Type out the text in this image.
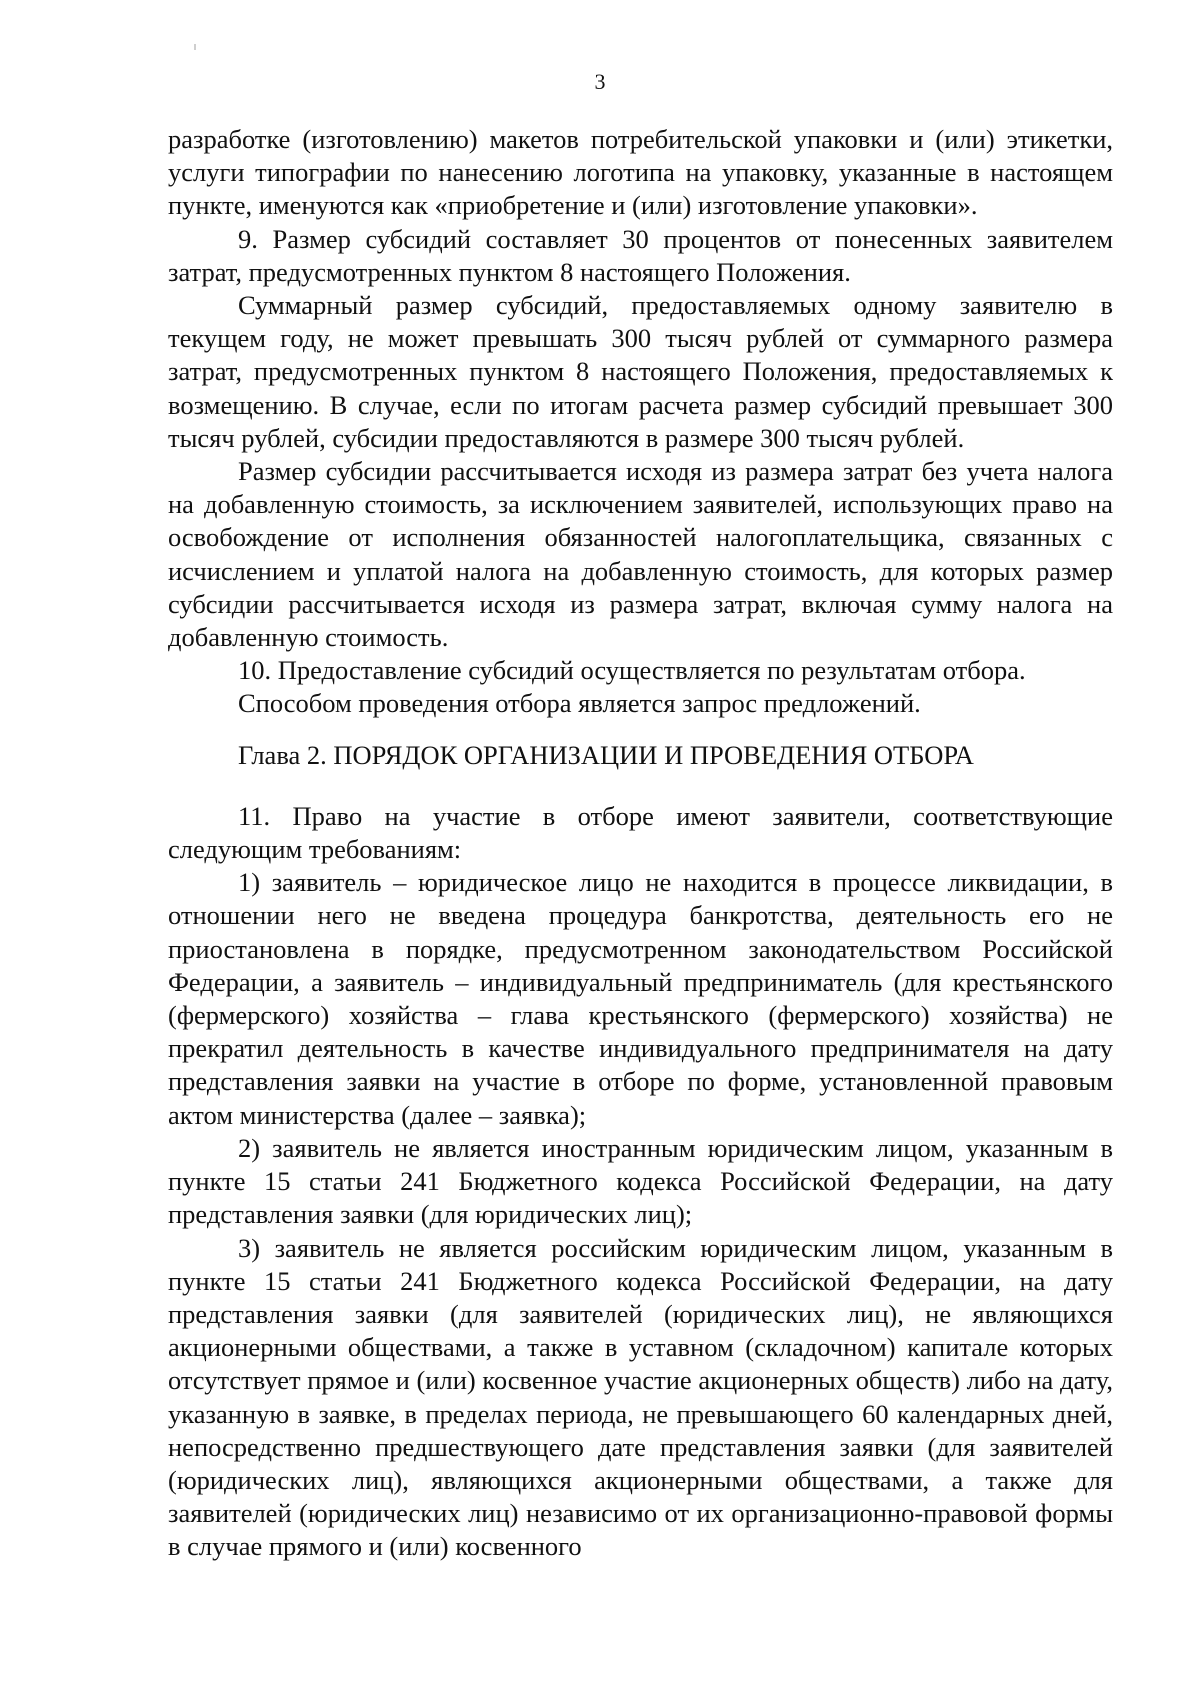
3

разработке (изготовлению) макетов потребительской упаковки и (или) этикетки, услуги типографии по нанесению логотипа на упаковку, указанные в настоящем пункте, именуются как «приобретение и (или) изготовление упаковки».

9. Размер субсидий составляет 30 процентов от понесенных заявителем затрат, предусмотренных пунктом 8 настоящего Положения.

Суммарный размер субсидий, предоставляемых одному заявителю в текущем году, не может превышать 300 тысяч рублей от суммарного размера затрат, предусмотренных пунктом 8 настоящего Положения, предоставляемых к возмещению. В случае, если по итогам расчета размер субсидий превышает 300 тысяч рублей, субсидии предоставляются в размере 300 тысяч рублей.

Размер субсидии рассчитывается исходя из размера затрат без учета налога на добавленную стоимость, за исключением заявителей, использующих право на освобождение от исполнения обязанностей налогоплательщика, связанных с исчислением и уплатой налога на добавленную стоимость, для которых размер субсидии рассчитывается исходя из размера затрат, включая сумму налога на добавленную стоимость.

10. Предоставление субсидий осуществляется по результатам отбора.

Способом проведения отбора является запрос предложений.

Глава 2. ПОРЯДОК ОРГАНИЗАЦИИ И ПРОВЕДЕНИЯ ОТБОРА

11. Право на участие в отборе имеют заявители, соответствующие следующим требованиям:

1) заявитель – юридическое лицо не находится в процессе ликвидации, в отношении него не введена процедура банкротства, деятельность его не приостановлена в порядке, предусмотренном законодательством Российской Федерации, а заявитель – индивидуальный предприниматель (для крестьянского (фермерского) хозяйства – глава крестьянского (фермерского) хозяйства) не прекратил деятельность в качестве индивидуального предпринимателя на дату представления заявки на участие в отборе по форме, установленной правовым актом министерства (далее – заявка);

2) заявитель не является иностранным юридическим лицом, указанным в пункте 15 статьи 241 Бюджетного кодекса Российской Федерации, на дату представления заявки (для юридических лиц);

3) заявитель не является российским юридическим лицом, указанным в пункте 15 статьи 241 Бюджетного кодекса Российской Федерации, на дату представления заявки (для заявителей (юридических лиц), не являющихся акционерными обществами, а также в уставном (складочном) капитале которых отсутствует прямое и (или) косвенное участие акционерных обществ) либо на дату, указанную в заявке, в пределах периода, не превышающего 60 календарных дней, непосредственно предшествующего дате представления заявки (для заявителей (юридических лиц), являющихся акционерными обществами, а также для заявителей (юридических лиц) независимо от их организационно-правовой формы в случае прямого и (или) косвенного
